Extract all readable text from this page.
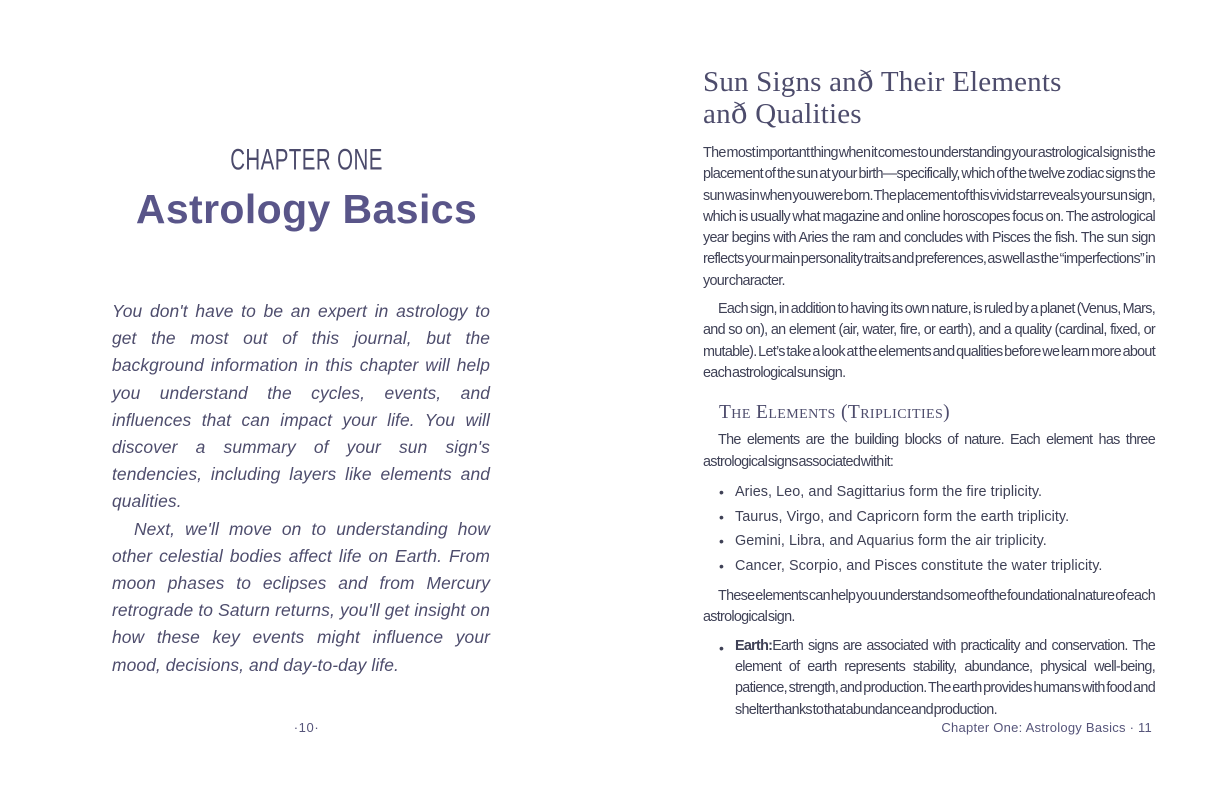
CHAPTER ONE
Astrology Basics

You don't have to be an expert in astrology to get the most out of this journal, but the background information in this chapter will help you understand the cycles, events, and influences that can impact your life. You will discover a summary of your sun sign's tendencies, including layers like elements and qualities.

Next, we'll move on to understanding how other celestial bodies affect life on Earth. From moon phases to eclipses and from Mercury retrograde to Saturn returns, you'll get insight on how these key events might influence your mood, decisions, and day-to-day life.

·10·
Sun Signs anð Their Elements
anð Qualities

The most important thing when it comes to understanding your astrological sign is the placement of the sun at your birth—specifically, which of the twelve zodiac signs the sun was in when you were born. The placement of this vivid star reveals your sun sign, which is usually what magazine and online horoscopes focus on. The astrological year begins with Aries the ram and concludes with Pisces the fish. The sun sign reflects your main personality traits and preferences, as well as the “imperfections” in your character.

Each sign, in addition to having its own nature, is ruled by a planet (Venus, Mars, and so on), an element (air, water, fire, or earth), and a quality (cardinal, fixed, or mutable). Let’s take a look at the elements and qualities before we learn more about each astrological sun sign.

The Elements (Triplicities)

The elements are the building blocks of nature. Each element has three astrological signs associated with it:

• Aries, Leo, and Sagittarius form the fire triplicity.
• Taurus, Virgo, and Capricorn form the earth triplicity.
• Gemini, Libra, and Aquarius form the air triplicity.
• Cancer, Scorpio, and Pisces constitute the water triplicity.

These elements can help you understand some of the foundational nature of each astrological sign.

• Earth:Earth signs are associated with practicality and conservation. The element of earth represents stability, abundance, physical well-being, patience, strength, and production. The earth provides humans with food and shelter thanks to that abundance and production.
Chapter One: Astrology Basics · 11
